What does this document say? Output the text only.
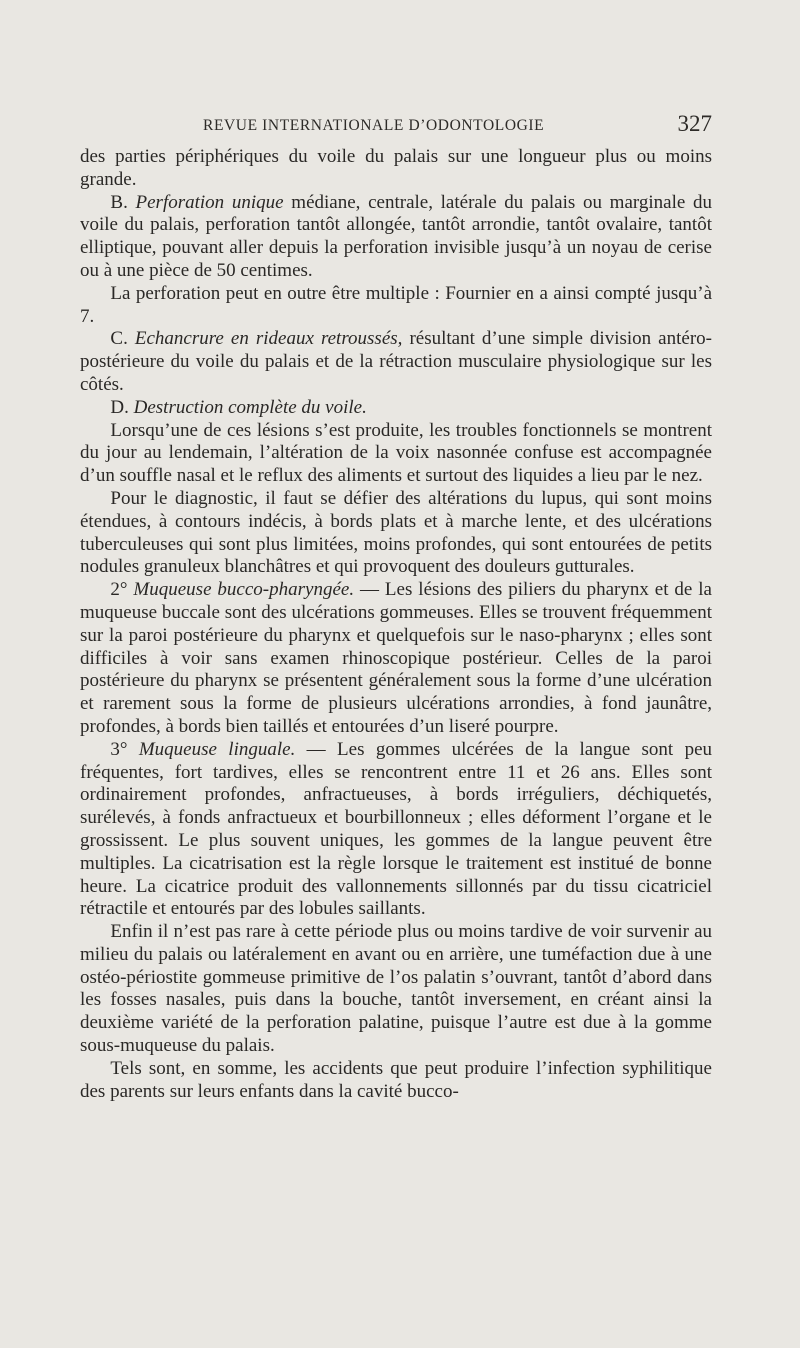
REVUE INTERNATIONALE D’ODONTOLOGIE	327

des parties périphériques du voile du palais sur une longueur plus ou moins grande.

B. Perforation unique médiane, centrale, latérale du palais ou marginale du voile du palais, perforation tantôt allongée, tantôt arrondie, tantôt ovalaire, tantôt elliptique, pouvant aller depuis la perforation invisible jusqu’à un noyau de cerise ou à une pièce de 50 centimes.

La perforation peut en outre être multiple : Fournier en a ainsi compté jusqu’à 7.

C. Echancrure en rideaux retroussés, résultant d’une simple division antéro-postérieure du voile du palais et de la rétraction musculaire physiologique sur les côtés.

D. Destruction complète du voile.

Lorsqu’une de ces lésions s’est produite, les troubles fonctionnels se montrent du jour au lendemain, l’altération de la voix nasonnée confuse est accompagnée d’un souffle nasal et le reflux des aliments et surtout des liquides a lieu par le nez.

Pour le diagnostic, il faut se défier des altérations du lupus, qui sont moins étendues, à contours indécis, à bords plats et à marche lente, et des ulcérations tuberculeuses qui sont plus limitées, moins profondes, qui sont entourées de petits nodules granuleux blanchâtres et qui provoquent des douleurs gutturales.

2° Muqueuse bucco-pharyngée. — Les lésions des piliers du pharynx et de la muqueuse buccale sont des ulcérations gommeuses. Elles se trouvent fréquemment sur la paroi postérieure du pharynx et quelquefois sur le naso-pharynx ; elles sont difficiles à voir sans examen rhinoscopique postérieur. Celles de la paroi postérieure du pharynx se présentent généralement sous la forme d’une ulcération et rarement sous la forme de plusieurs ulcérations arrondies, à fond jaunâtre, profondes, à bords bien taillés et entourées d’un liseré pourpre.

3° Muqueuse linguale. — Les gommes ulcérées de la langue sont peu fréquentes, fort tardives, elles se rencontrent entre 11 et 26 ans. Elles sont ordinairement profondes, anfractueuses, à bords irréguliers, déchiquetés, surélevés, à fonds anfractueux et bourbillonneux ; elles déforment l’organe et le grossissent. Le plus souvent uniques, les gommes de la langue peuvent être multiples. La cicatrisation est la règle lorsque le traitement est institué de bonne heure. La cicatrice produit des vallonnements sillonnés par du tissu cicatriciel rétractile et entourés par des lobules saillants.

Enfin il n’est pas rare à cette période plus ou moins tardive de voir survenir au milieu du palais ou latéralement en avant ou en arrière, une tuméfaction due à une ostéo-périostite gommeuse primitive de l’os palatin s’ouvrant, tantôt d’abord dans les fosses nasales, puis dans la bouche, tantôt inversement, en créant ainsi la deuxième variété de la perforation palatine, puisque l’autre est due à la gomme sous-muqueuse du palais.

Tels sont, en somme, les accidents que peut produire l’infection syphilitique des parents sur leurs enfants dans la cavité bucco-
